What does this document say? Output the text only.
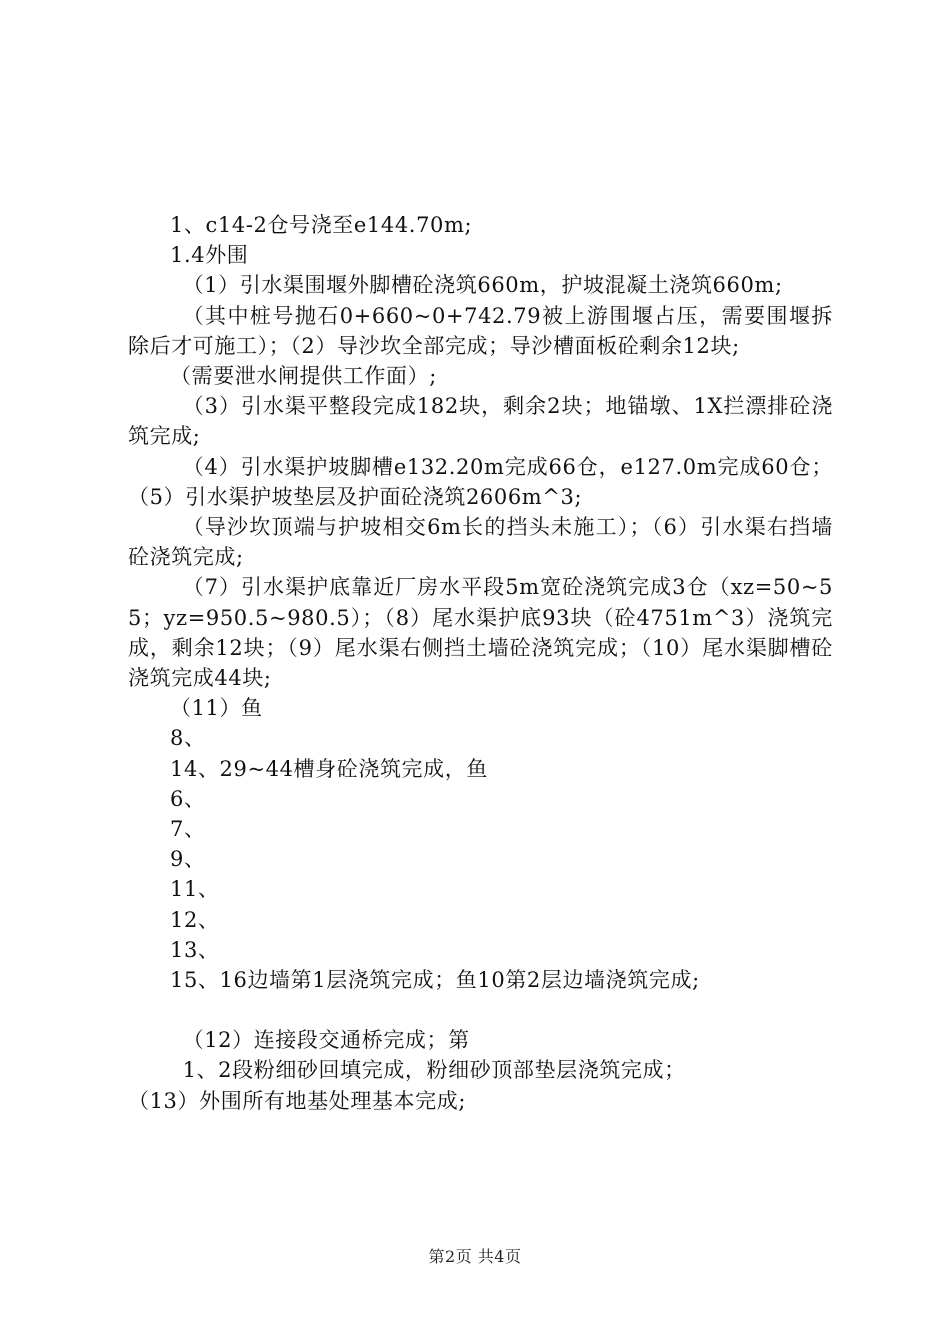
1、c14-2仓号浇至e144.70m;

1.4外围

（1）引水渠围堰外脚槽砼浇筑660m，护坡混凝土浇筑660m;

（其中桩号抛石0+660~0+742.79被上游围堰占压，需要围堰拆除后才可施工）；（2）导沙坎全部完成；导沙槽面板砼剩余12块;

（需要泄水闸提供工作面）;

（3）引水渠平整段完成182块，剩余2块；地锚墩、1X拦漂排砼浇筑完成;

（4）引水渠护坡脚槽e132.20m完成66仓，e127.0m完成60仓；（5）引水渠护坡垫层及护面砼浇筑2606m^3;

（导沙坎顶端与护坡相交6m长的挡头未施工）；（6）引水渠右挡墙砼浇筑完成;

（7）引水渠护底靠近厂房水平段5m宽砼浇筑完成3仓（xz=50~55；yz=950.5~980.5）；（8）尾水渠护底93块（砼4751m^3）浇筑完成，剩余12块；（9）尾水渠右侧挡土墙砼浇筑完成；（10）尾水渠脚槽砼浇筑完成44块;

（11）鱼

8、

14、29~44槽身砼浇筑完成，鱼

6、

7、

9、

11、

12、

13、

15、16边墙第1层浇筑完成；鱼10第2层边墙浇筑完成;

（12）连接段交通桥完成；第

1、2段粉细砂回填完成，粉细砂顶部垫层浇筑完成；

（13）外围所有地基处理基本完成;

第2页 共4页
